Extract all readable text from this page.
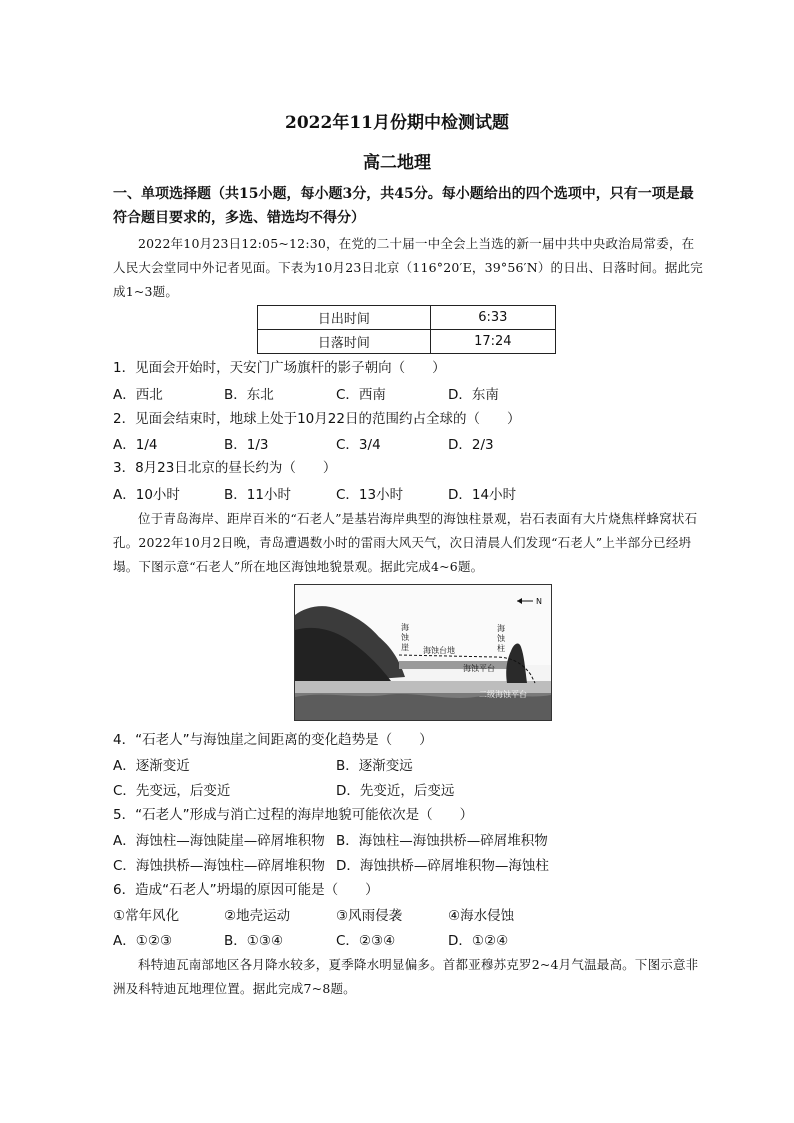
2022年11月份期中检测试题
高二地理
一、单项选择题（共15小题，每小题3分，共45分。每小题给出的四个选项中，只有一项是最符合题目要求的，多选、错选均不得分）
2022年10月23日12:05~12:30，在党的二十届一中全会上当选的新一届中共中央政治局常委，在人民大会堂同中外记者见面。下表为10月23日北京（116°20′E，39°56′N）的日出、日落时间。据此完成1~3题。
日出时间	6:33
日落时间	17:24
1．见面会开始时，天安门广场旗杆的影子朝向（　　）
A．西北	B．东北	C．西南	D．东南
2．见面会结束时，地球上处于10月22日的范围约占全球的（　　）
A．1/4	B．1/3	C．3/4	D．2/3
3．8月23日北京的昼长约为（　　）
A．10小时	B．11小时	C．13小时	D．14小时
位于青岛海岸、距岸百米的“石老人”是基岩海岸典型的海蚀柱景观，岩石表面有大片烧焦样蜂窝状石孔。2022年10月2日晚，青岛遭遇数小时的雷雨大风天气，次日清晨人们发现“石老人”上半部分已经坍塌。下图示意“石老人”所在地区海蚀地貌景观。据此完成4~6题。
N
海蚀崖 海蚀台地
海蚀柱
海蚀平台
二级海蚀平台
4．“石老人”与海蚀崖之间距离的变化趋势是（　　）
A．逐渐变近	B．逐渐变远
C．先变远，后变近	D．先变近，后变远
5．“石老人”形成与消亡过程的海岸地貌可能依次是（　　）
A．海蚀柱—海蚀陡崖—碎屑堆积物 B．海蚀柱—海蚀拱桥—碎屑堆积物
C．海蚀拱桥—海蚀柱—碎屑堆积物 D．海蚀拱桥—碎屑堆积物—海蚀柱
6．造成“石老人”坍塌的原因可能是（　　）
①常年风化	②地壳运动	③风雨侵袭	④海水侵蚀
A．①②③	B．①③④	C．②③④	D．①②④
科特迪瓦南部地区各月降水较多，夏季降水明显偏多。首都亚穆苏克罗2~4月气温最高。下图示意非洲及科特迪瓦地理位置。据此完成7~8题。
